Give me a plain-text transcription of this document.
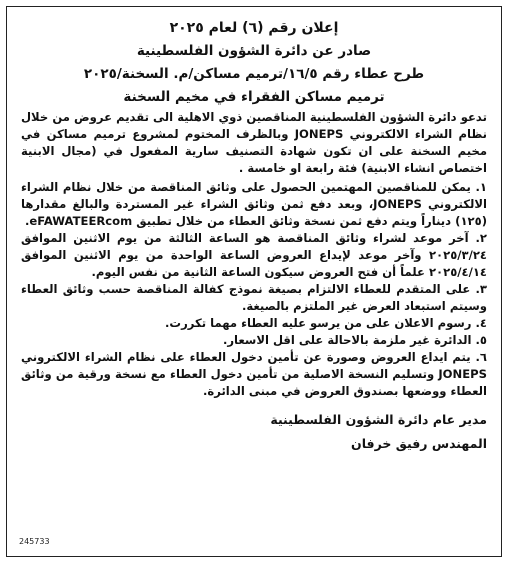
إعلان رقم (٦) لعام ٢٠٢٥

صادر عن دائرة الشؤون الفلسطينية

طرح عطاء رقم ١٦/٥/ترميم مساكن/م. السخنة/٢٠٢٥

ترميم مساكن الفقراء في مخيم السخنة

تدعو دائرة الشؤون الفلسطينية المناقصين ذوي الاهلية الى تقديم عروض من خلال نظام الشراء الالكتروني JONEPS وبالظرف المختوم لمشروع ترميم مساكن في مخيم السخنة على ان تكون شهادة التصنيف سارية المفعول في (مجال الابنية اختصاص انشاء الابنية) فئة رابعة او خامسة .

١. يمكن للمناقصين المهتمين الحصول على وثائق المناقصة من خلال نظام الشراء الالكتروني JONEPS، وبعد دفع ثمن وثائق الشراء غير المستردة والبالغ مقدارها (١٢٥) ديناراً ويتم دفع ثمن نسخة وثائق العطاء من خلال تطبيق eFAWATEERcom.
٢. آخر موعد لشراء وثائق المناقصة هو الساعة الثالثة من يوم الاثنين الموافق ٢٠٢٥/٣/٢٤ وآخر موعد لإيداع العروض الساعة الواحدة من يوم الاثنين الموافق ٢٠٢٥/٤/١٤ علماً أن فتح العروض سيكون الساعة الثانية من نفس اليوم.
٣. على المتقدم للعطاء الالتزام بصيغة نموذج كفالة المناقصة حسب وثائق العطاء وسيتم استبعاد العرض غير الملتزم بالصيغة.
٤. رسوم الاعلان على من يرسو عليه العطاء مهما تكررت.
٥. الدائرة غير ملزمة بالاحالة على اقل الاسعار.
٦. يتم ايداع العروض وصورة عن تأمين دخول العطاء على نظام الشراء الالكتروني JONEPS وتسليم النسخة الاصلية من تأمين دخول العطاء مع نسخة ورقية من وثائق العطاء ووضعها بصندوق العروض في مبنى الدائرة.
مدير عام دائرة الشؤون الفلسطينية
المهندس رفيق خرفان
245733
